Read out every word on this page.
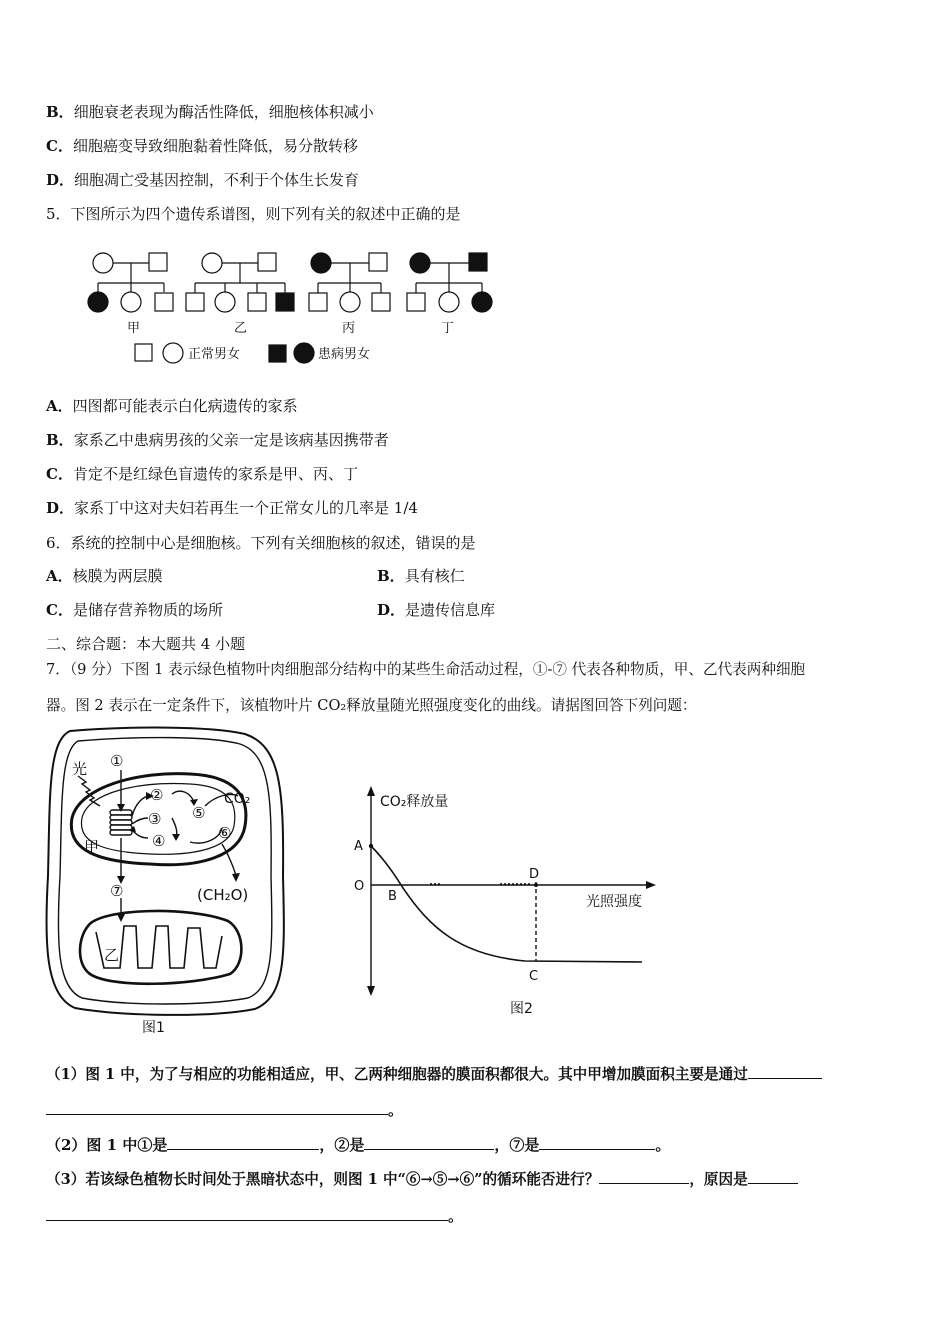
B．细胞衰老表现为酶活性降低，细胞核体积减小
C．细胞癌变导致细胞黏着性降低，易分散转移
D．细胞凋亡受基因控制，不利于个体生长发育
5．下图所示为四个遗传系谱图，则下列有关的叙述中正确的是
甲	乙	丙	丁
正常男女	患病男女
A．四图都可能表示白化病遗传的家系
B．家系乙中患病男孩的父亲一定是该病基因携带者
C．肯定不是红绿色盲遗传的家系是甲、丙、丁
D．家系丁中这对夫妇若再生一个正常女儿的几率是 1/4
6．系统的控制中心是细胞核。下列有关细胞核的叙述，错误的是
A．核膜为两层膜	B．具有核仁
C．是储存营养物质的场所	D．是遗传信息库
二、综合题：本大题共 4 小题
7．（9 分）下图 1 表示绿色植物叶肉细胞部分结构中的某些生命活动过程，①-⑦ 代表各种物质，甲、乙代表两种细胞
器。图 2 表示在一定条件下，该植物叶片 CO₂释放量随光照强度变化的曲线。请据图回答下列问题：
光 ①
②
③
④
⑤
⑥
⑦
CO₂
(CH₂O)
甲
乙
图1
CO₂释放量
光照强度
A
O
B
D
C
图2
（1）图 1 中，为了与相应的功能相适应，甲、乙两种细胞器的膜面积都很大。其中甲增加膜面积主要是通过
。
（2）图 1 中①是	，②是	，⑦是	。
（3）若该绿色植物长时间处于黑暗状态中，则图 1 中“⑥→⑤→⑥”的循环能否进行？	，原因是
。
